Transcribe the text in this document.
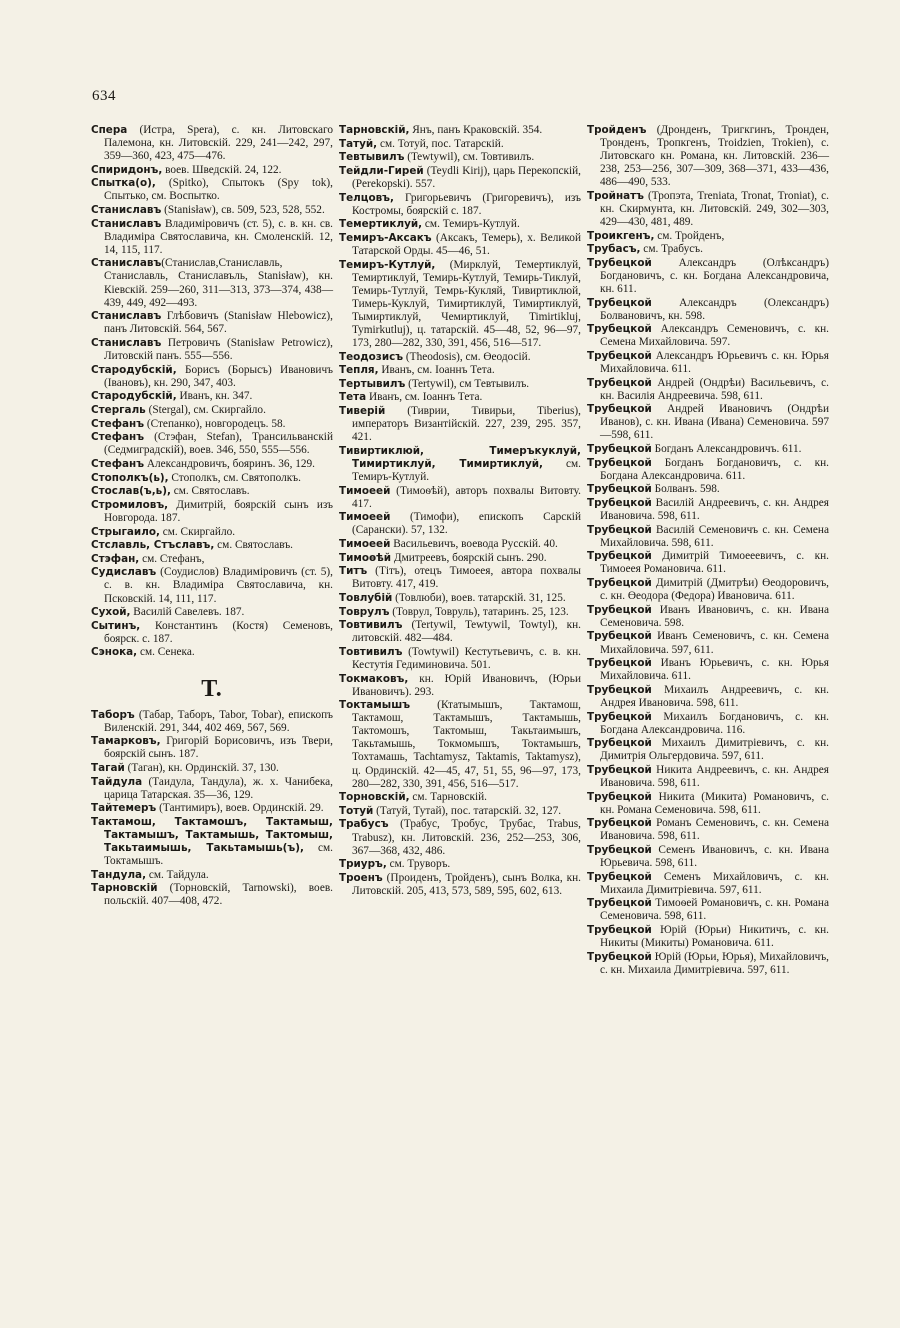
634

Спера (Истра, Spera), с. кн. Литовскаго Палемона, кн. Литовскій. 229, 241—242, 297, 359—360, 423, 475—476.

Спиридонъ, воев. Шведскій. 24, 122.

Спытка(о), (Spitko), Спытокъ (Spy tok), Спытько, см. Воспытко.

Станиславъ (Stanisław), св. 509, 523, 528, 552.

Станиславъ Владиміровичъ (ст. 5), с. в. кн. св. Владиміра Святославича, кн. Смоленскій. 12, 14, 115, 117.

Станиславъ(Станислав,Станиславль, Станиславль, Станиславъль, Stanisław), кн. Кіевскій. 259—260, 311—313, 373—374, 438—439, 449, 492—493.

Станиславъ Глѣбовичъ (Stanisław Hlebowicz), панъ Литовскій. 564, 567.

Станиславъ Петровичъ (Stanisław Petrowicz), Литовскій панъ. 555—556.

Стародубскій, Борисъ (Борысъ) Ивановичъ (Івановъ), кн. 290, 347, 403.

Стародубскій, Иванъ, кн. 347.

Стергаль (Stergal), см. Скиргайло.

Стефанъ (Степанко), новгородецъ. 58.

Стефанъ (Стэфан, Stefan), Трансильванскій (Седмиградскій), воев. 346, 550, 555—556.

Стефанъ Александровичъ, бояринъ. 36, 129.

Стополкъ(ь), Стополкъ, см. Святополкъ.

Стослав(ъ,ь), см. Святославъ.

Стромиловъ, Димитрій, боярскій сынъ изъ Новгорода. 187.

Стрыгаило, см. Скиргайло.

Стславль, Стъславъ, см. Святославъ.

Стэфан, см. Стефанъ,

Судиславъ (Соудислов) Владиміровичъ (ст. 5), с. в. кн. Владиміра Святославича, кн. Псковскій. 14, 111, 117.

Сухой, Василій Савелевъ. 187.

Сытинъ, Константинъ (Костя) Семеновъ, боярск. с. 187.

Сэнока, см. Сенека.

Т.

Таборъ (Табар, Таборъ, Tabor, Tobar), епископъ Виленскій. 291, 344, 402 469, 567, 569.

Тамарковъ, Григорій Борисовичъ, изъ Твери, боярскій сынъ. 187.

Тагай (Таган), кн. Ординскій. 37, 130.

Тайдула (Таидула, Тандула), ж. х. Чанибека, царица Татарская. 35—36, 129.

Тайтемеръ (Тантимиръ), воев. Ординскій. 29.

Тактамош, Тактамошъ, Тактамыш, Тактамышъ, Тактамышь, Тактомыш, Такьтаимышь, Такьтамышь(ъ), см. Токтамышъ.

Тандула, см. Тайдула.

Тарновскій (Торновскій, Tarnowski), воев. польскій. 407—408, 472.

Тарновскій, Янъ, панъ Краковскій. 354.

Татуй, см. Тотуй, пос. Татарскій.

Тевтывилъ (Tewtywil), см. Товтивилъ.

Тейдли-Гирей (Teydli Kirij), царь Перекопскій, (Perekopski). 557.

Телцовъ, Григорьевичъ (Григоревичъ), изъ Костромы, боярскій с. 187.

Темертиклуй, см. Темиръ-Кутлуй.

Темиръ-Аксакъ (Аксакъ, Темерь), х. Великой Татарской Орды. 45—46, 51.

Темиръ-Кутлуй, (Мирклуй, Темертиклуй, Темиртиклуй, Темирь-Кутлуй, Темирь-Тиклуй, Темирь-Тутлуй, Темрь-Кукляй, Тивиртиклюй, Тимерь-Куклуй, Тимиртиклуй, Тимиртиклуй, Тымиртиклуй, Чемиртиклуй, Timirtikluj, Tymirkutluj), ц. татарскій. 45—48, 52, 96—97, 173, 280—282, 330, 391, 456, 516—517.

Теодозисъ (Theodosis), см. Өеодосій.

Тепля, Иванъ, см. Іоаннъ Тета.

Тертывилъ (Tertywil), см Тевтывилъ.

Тета Иванъ, см. Іоаннъ Тета.

Тиверій (Тиврии, Тивирьи, Tiberius), императоръ Византійскій. 227, 239, 295. 357, 421.

Тивиртиклюй, Тимеръкуклуй, Тимиртиклуй, Тимиртиклуй, см. Темиръ-Кутлуй.

Тимоеей (Тимоѳѣй), авторъ похвалы Витовту. 417.

Тимоеей (Тимофи), епископъ Сарскій (Сарански). 57, 132.

Тимоеей Васильевичъ, воевода Русскій. 40.

Тимоѳѣй Дмитреевъ, боярскій сынъ. 290.

Титъ (Тітъ), отецъ Тимоеея, автора похвалы Витовту. 417, 419.

Товлубій (Товлюби), воев. татарскій. 31, 125.

Товрулъ (Товрул, Товруль), татаринъ. 25, 123.

Товтивилъ (Tertywil, Tewtywil, Towtyl), кн. литовскій. 482—484.

Товтивилъ (Towtywil) Кестутьевичъ, с. в. кн. Кестутія Гедиминовича. 501.

Токмаковъ, кн. Юрій Ивановичъ, (Юрьи Ивановичъ). 293.

Токтамышъ (Ктатымышъ, Тактамош, Тактамош, Тактамышъ, Тактамышь, Тактомошъ, Тактомыш, Такьтаимышъ, Такьтамышь, Токмомышъ, Токтамышъ, Тохтамашь, Tachtamysz, Taktamis, Taktamysz), ц. Ординскій. 42—45, 47, 51, 55, 96—97, 173, 280—282, 330, 391, 456, 516—517.

Торновскій, см. Тарновскій.

Тотуй (Татуй, Тутай), пос. татарскій. 32, 127.

Трабусъ (Трабус, Тробус, Трубас, Trabus, Trabusz), кн. Литовскій. 236, 252—253, 306, 367—368, 432, 486.

Триуръ, см. Труворъ.

Троенъ (Проиденъ, Тройденъ), сынъ Волка, кн. Литовскій. 205, 413, 573, 589, 595, 602, 613.

Тройденъ (Дронденъ, Тригкгинъ, Тронден, Тронденъ, Тропкгенъ, Troidzien, Trokien), с. Литовскаго кн. Романа, кн. Литовскій. 236—238, 253—256, 307—309, 368—371, 433—436, 486—490, 533.

Тройнатъ (Тропэта, Treniata, Tronat, Troniat), с. кн. Скирмунта, кн. Литовскій. 249, 302—303, 429—430, 481, 489.

Троикгенъ, см. Тройденъ,

Трубасъ, см. Трабусъ.

Трубецкой Александръ (Олѣксандръ) Богдановичъ, с. кн. Богдана Александровича, кн. 611.

Трубецкой Александръ (Олександръ) Болвановичъ, кн. 598.

Трубецкой Александръ Семеновичъ, с. кн. Семена Михайловича. 597.

Трубецкой Александръ Юрьевичъ с. кн. Юрья Михайловича. 611.

Трубецкой Андрей (Ондрѣи) Васильевичъ, с. кн. Василія Андреевича. 598, 611.

Трубецкой Андрей Ивановичъ (Ондрѣи Иванов), с. кн. Ивана (Ивана) Семеновича. 597—598, 611.

Трубецкой Богданъ Александровичъ. 611.

Трубецкой Богданъ Богдановичъ, с. кн. Богдана Александровича. 611.

Трубецкой Болванъ. 598.

Трубецкой Василій Андреевичъ, с. кн. Андрея Ивановича. 598, 611.

Трубецкой Василій Семеновичъ с. кн. Семена Михайловича. 598, 611.

Трубецкой Димитрій Тимоееевичъ, с. кн. Тимоеея Романовича. 611.

Трубецкой Димитрій (Дмитрѣи) Өеодоровичъ, с. кн. Өеодора (Федора) Ивановича. 611.

Трубецкой Иванъ Ивановичъ, с. кн. Ивана Семеновича. 598.

Трубецкой Иванъ Семеновичъ, с. кн. Семена Михайловича. 597, 611.

Трубецкой Иванъ Юрьевичъ, с. кн. Юрья Михайловича. 611.

Трубецкой Михаилъ Андреевичъ, с. кн. Андрея Ивановича. 598, 611.

Трубецкой Михаилъ Богдановичъ, с. кн. Богдана Александровича. 116.

Трубецкой Михаилъ Димитріевичъ, с. кн. Димитрія Ольгердовича. 597, 611.

Трубецкой Никита Андреевичъ, с. кн. Андрея Ивановича. 598, 611.

Трубецкой Никита (Микита) Романовичъ, с. кн. Романа Семеновича. 598, 611.

Трубецкой Романъ Семеновичъ, с. кн. Семена Ивановича. 598, 611.

Трубецкой Семенъ Ивановичъ, с. кн. Ивана Юрьевича. 598, 611.

Трубецкой Семенъ Михайловичъ, с. кн. Михаила Димитріевича. 597, 611.

Трубецкой Тимоѳей Романовичъ, с. кн. Романа Семеновича. 598, 611.

Трубецкой Юрій (Юрьи) Никитичъ, с. кн. Никиты (Микиты) Романовича. 611.

Трубецкой Юрій (Юрьи, Юрья), Михайловичъ, с. кн. Михаила Димитріевича. 597, 611.
